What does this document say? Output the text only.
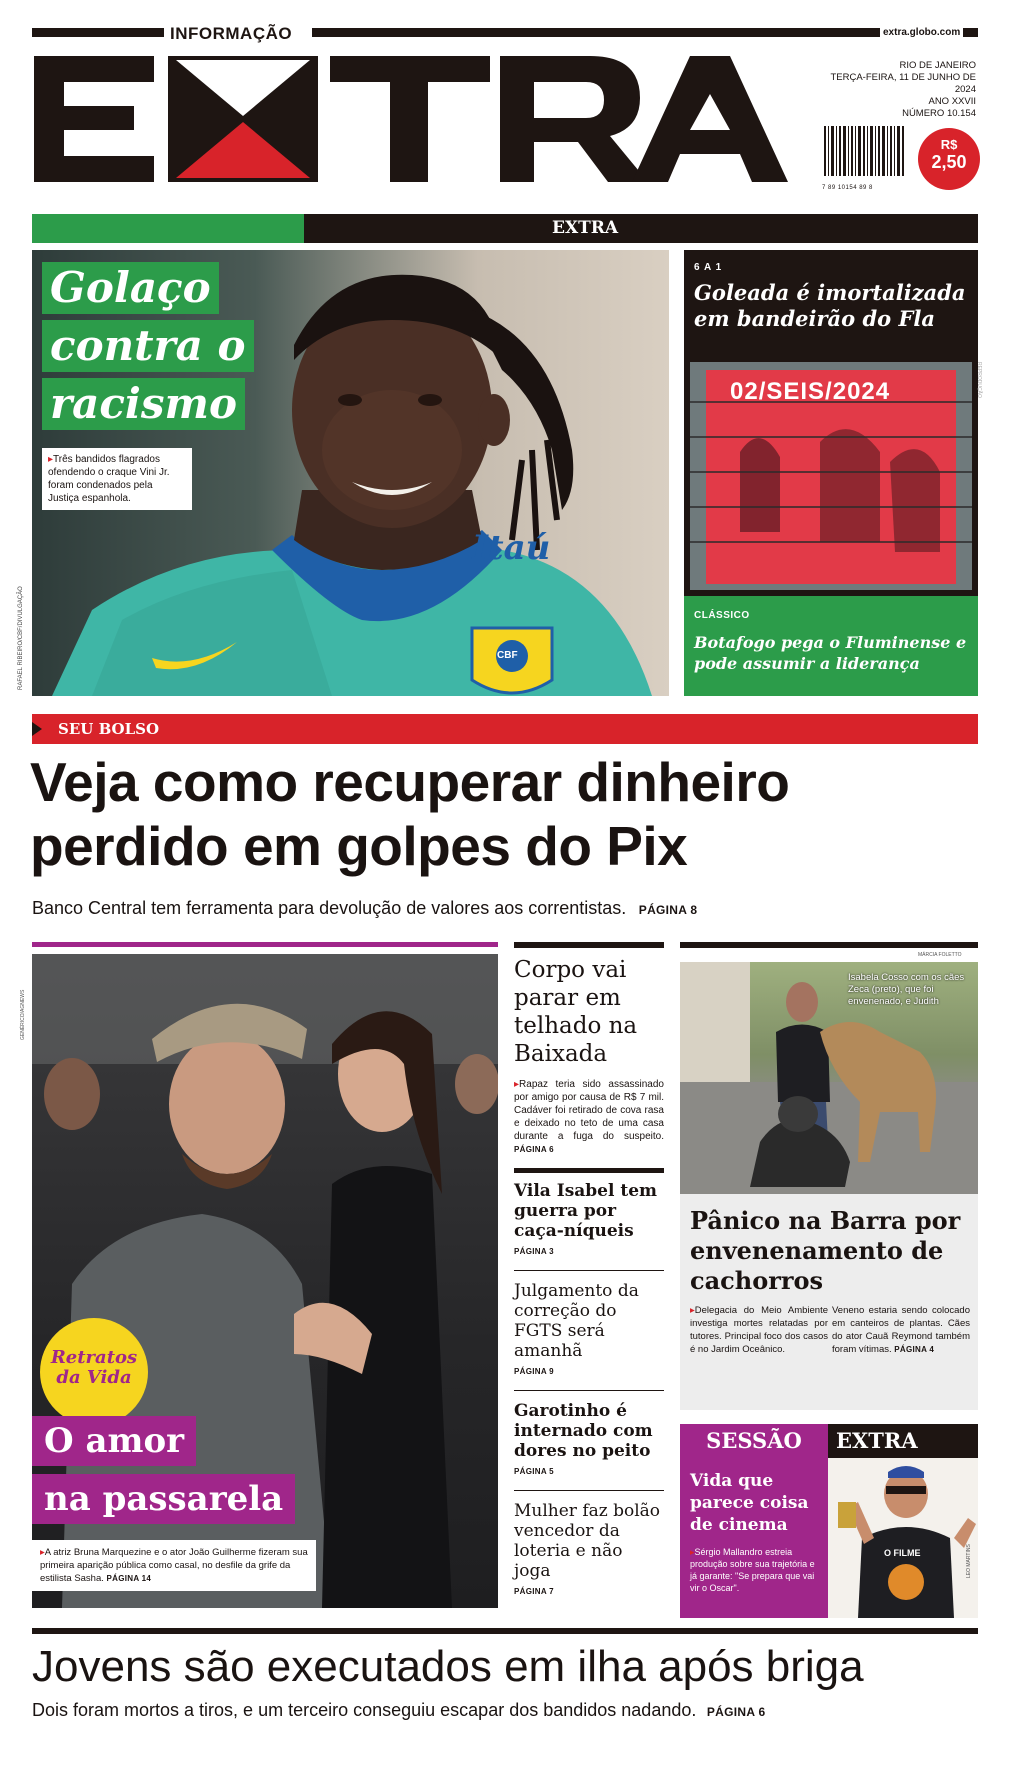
INFORMAÇÃO	extra.globo.com
RIO DE JANEIRO
TERÇA-FEIRA, 11 DE JUNHO DE 2024
ANO XXVII
NÚMERO 10.154
7 89 10154 89 8
R$
2,50
EXTRA
Itaú
CBF
Golaço
contra o
racismo
▸ Três bandidos flagrados ofendendo o craque Vini Jr. foram condenados pela Justiça espanhola.
RAFAEL RIBEIRO/CBF/DIVULGAÇÃO
6 A 1
Goleada é imortalizada em bandeirão do Fla
02/SEIS/2024	REPRODUÇÃO
CLÁSSICO
Botafogo pega o Fluminense e pode assumir a liderança
SEU BOLSO
Veja como recuperar dinheiro
perdido em golpes do Pix
Banco Central tem ferramenta para devolução de valores aos correntistas. PÁGINA 8
GENÉRICO/AGNEWS
Retratos
da Vida
O amor
na passarela
▸ A atriz Bruna Marquezine e o ator João Guilherme fizeram sua primeira aparição pública como casal, no desfile da grife da estilista Sasha. PÁGINA 14
Corpo vai parar em telhado na Baixada
▸ Rapaz teria sido assassinado por amigo por causa de R$ 7 mil. Cadáver foi retirado de cova rasa e deixado no teto de uma casa durante a fuga do suspeito. PÁGINA 6
Vila Isabel tem guerra por caça-níqueis
PÁGINA 3
Julgamento da correção do FGTS será amanhã
PÁGINA 9
Garotinho é internado com dores no peito
PÁGINA 5
Mulher faz bolão vencedor da loteria e não joga
PÁGINA 7
MÁRCIA FOLETTO
Isabela Cosso com os cães Zeca (preto), que foi envenenado, e Judith
Pânico na Barra por envenenamento de cachorros
▸ Delegacia do Meio Ambiente investiga mortes relatadas por tutores. Principal foco dos casos é no Jardim Oceânico.
Veneno estaria sendo colocado em canteiros de plantas. Cães do ator Cauã Reymond também foram vítimas. PÁGINA 4
SESSÃO	EXTRA
Vida que parece coisa de cinema
▸ Sérgio Mallandro estreia produção sobre sua trajetória e já garante: "Se prepara que vai vir o Oscar".
O FILME	LEO MARTINS
Jovens são executados em ilha após briga
Dois foram mortos a tiros, e um terceiro conseguiu escapar dos bandidos nadando. PÁGINA 6
